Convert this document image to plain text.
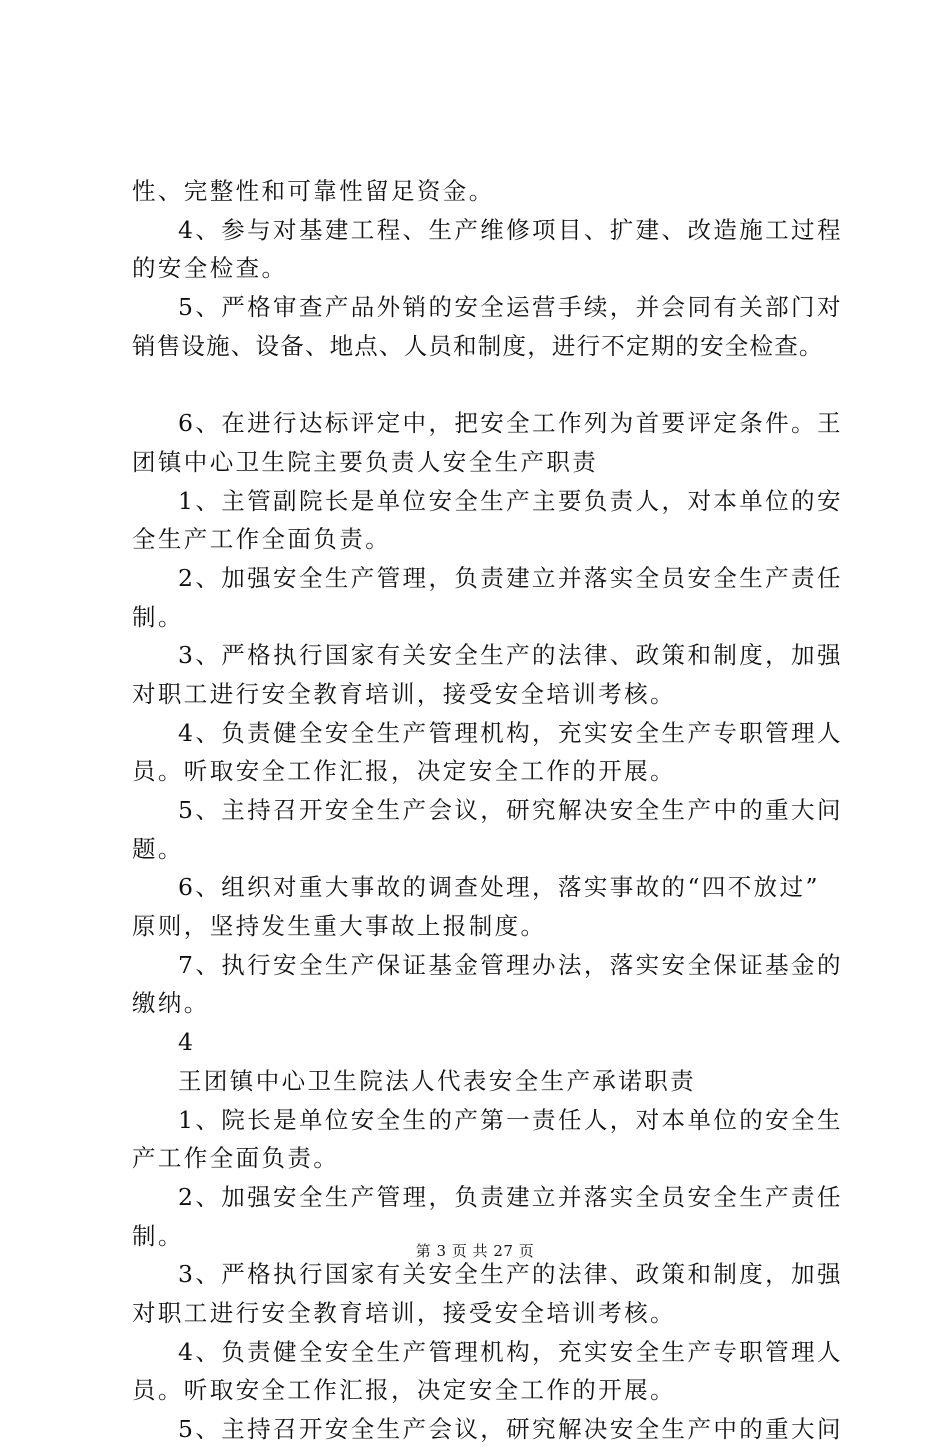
性、完整性和可靠性留足资金。
4、参与对基建工程、生产维修项目、扩建、改造施工过程
的安全检查。
5、严格审查产品外销的安全运营手续，并会同有关部门对
销售设施、设备、地点、人员和制度，进行不定期的安全检查。
6、在进行达标评定中，把安全工作列为首要评定条件。王
团镇中心卫生院主要负责人安全生产职责
1、主管副院长是单位安全生产主要负责人，对本单位的安
全生产工作全面负责。
2、加强安全生产管理，负责建立并落实全员安全生产责任
制。
3、严格执行国家有关安全生产的法律、政策和制度，加强
对职工进行安全教育培训，接受安全培训考核。
4、负责健全安全生产管理机构，充实安全生产专职管理人
员。听取安全工作汇报，决定安全工作的开展。
5、主持召开安全生产会议，研究解决安全生产中的重大问
题。
6、组织对重大事故的调查处理，落实事故的“四不放过”
原则，坚持发生重大事故上报制度。
7、执行安全生产保证基金管理办法，落实安全保证基金的
缴纳。
4
王团镇中心卫生院法人代表安全生产承诺职责
1、院长是单位安全生的产第一责任人，对本单位的安全生
产工作全面负责。
2、加强安全生产管理，负责建立并落实全员安全生产责任
制。
3、严格执行国家有关安全生产的法律、政策和制度，加强
对职工进行安全教育培训，接受安全培训考核。
4、负责健全安全生产管理机构，充实安全生产专职管理人
员。听取安全工作汇报，决定安全工作的开展。
5、主持召开安全生产会议，研究解决安全生产中的重大问
第 3 页 共 27 页
